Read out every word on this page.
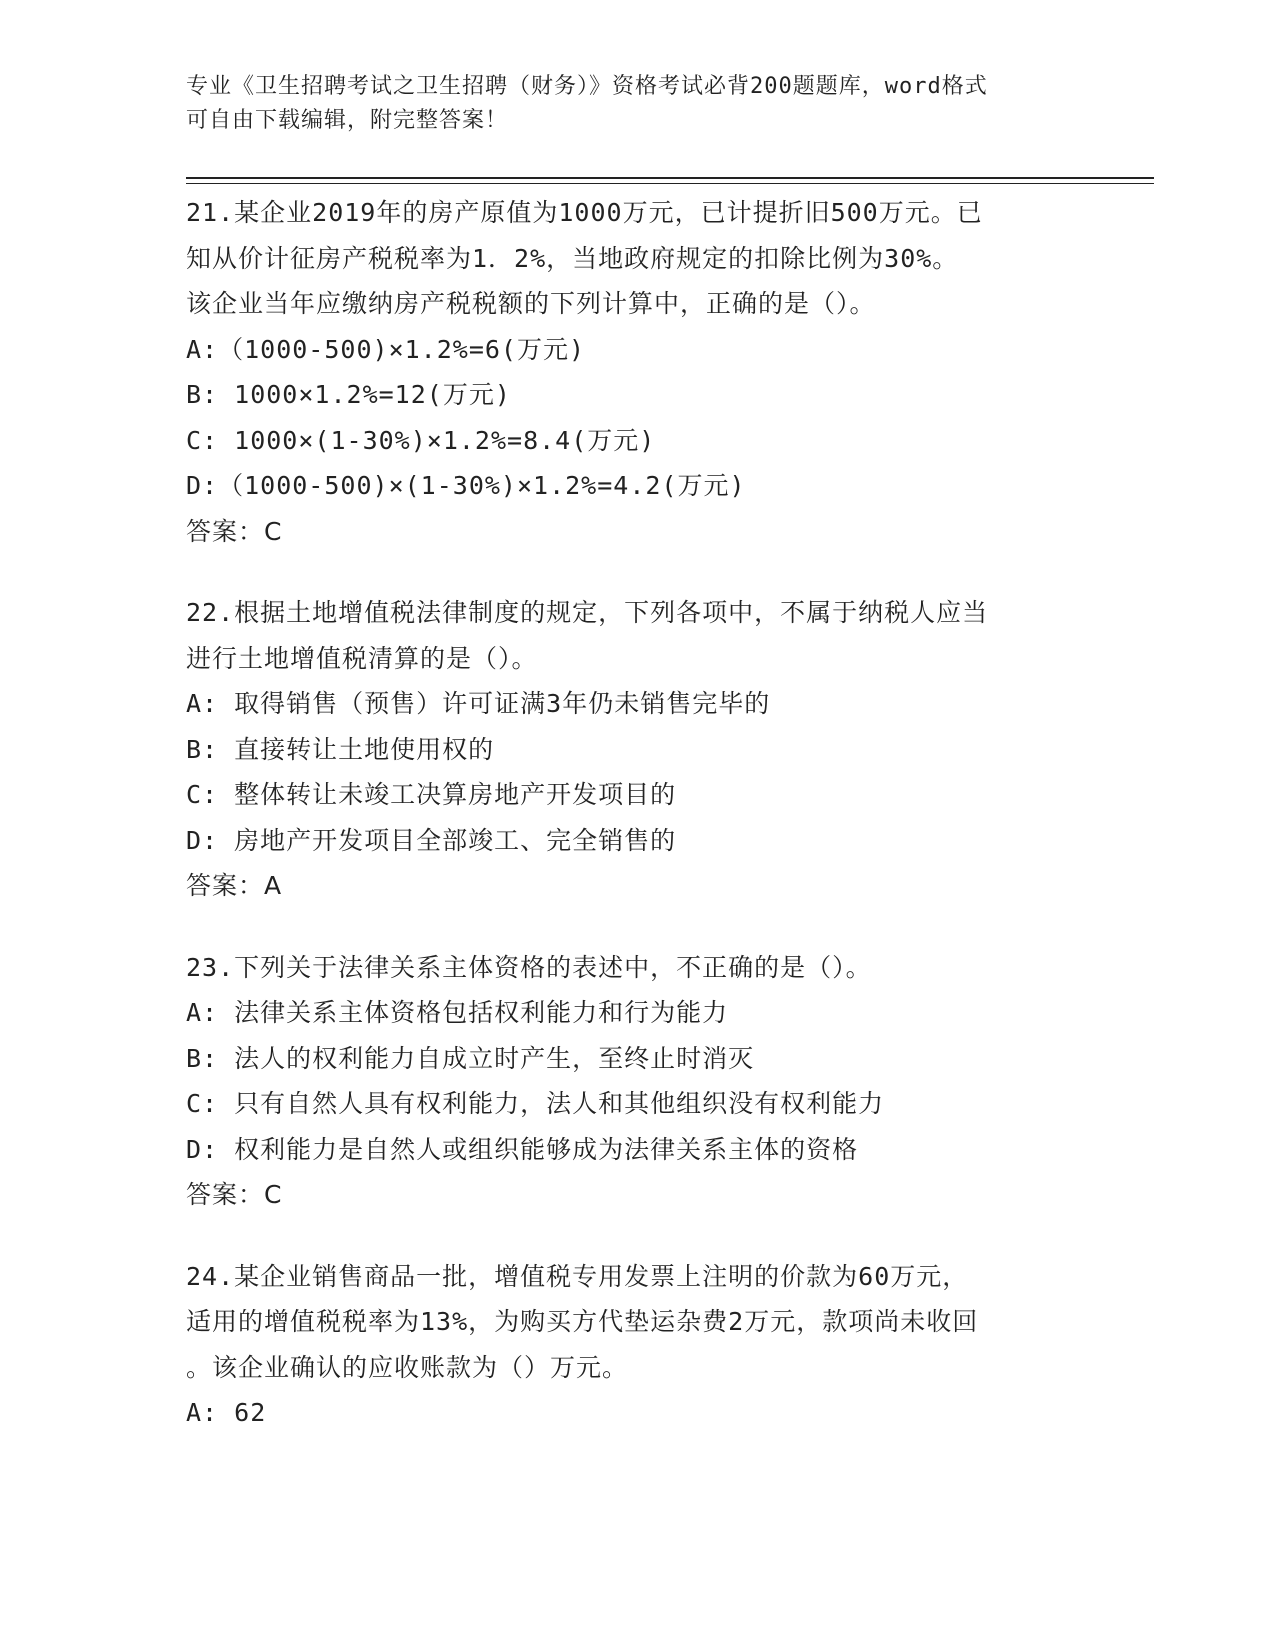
专业《卫生招聘考试之卫生招聘（财务）》资格考试必背200题题库，word格式
可自由下载编辑，附完整答案！
21.某企业2019年的房产原值为1000万元，已计提折旧500万元。已
知从价计征房产税税率为1．2%，当地政府规定的扣除比例为30%。
该企业当年应缴纳房产税税额的下列计算中，正确的是（）。
A:（1000-500)×1.2%=6(万元)
B: 1000×1.2%=12(万元)
C: 1000×(1-30%)×1.2%=8.4(万元)
D:（1000-500)×(1-30%)×1.2%=4.2(万元)
答案：C
22.根据土地增值税法律制度的规定，下列各项中，不属于纳税人应当
进行土地增值税清算的是（）。
A: 取得销售（预售）许可证满3年仍未销售完毕的
B: 直接转让土地使用权的
C: 整体转让未竣工决算房地产开发项目的
D: 房地产开发项目全部竣工、完全销售的
答案：A
23.下列关于法律关系主体资格的表述中，不正确的是（）。
A: 法律关系主体资格包括权利能力和行为能力
B: 法人的权利能力自成立时产生，至终止时消灭
C: 只有自然人具有权利能力，法人和其他组织没有权利能力
D: 权利能力是自然人或组织能够成为法律关系主体的资格
答案：C
24.某企业销售商品一批，增值税专用发票上注明的价款为60万元，
适用的增值税税率为13%，为购买方代垫运杂费2万元，款项尚未收回
。该企业确认的应收账款为（）万元。
A: 62
